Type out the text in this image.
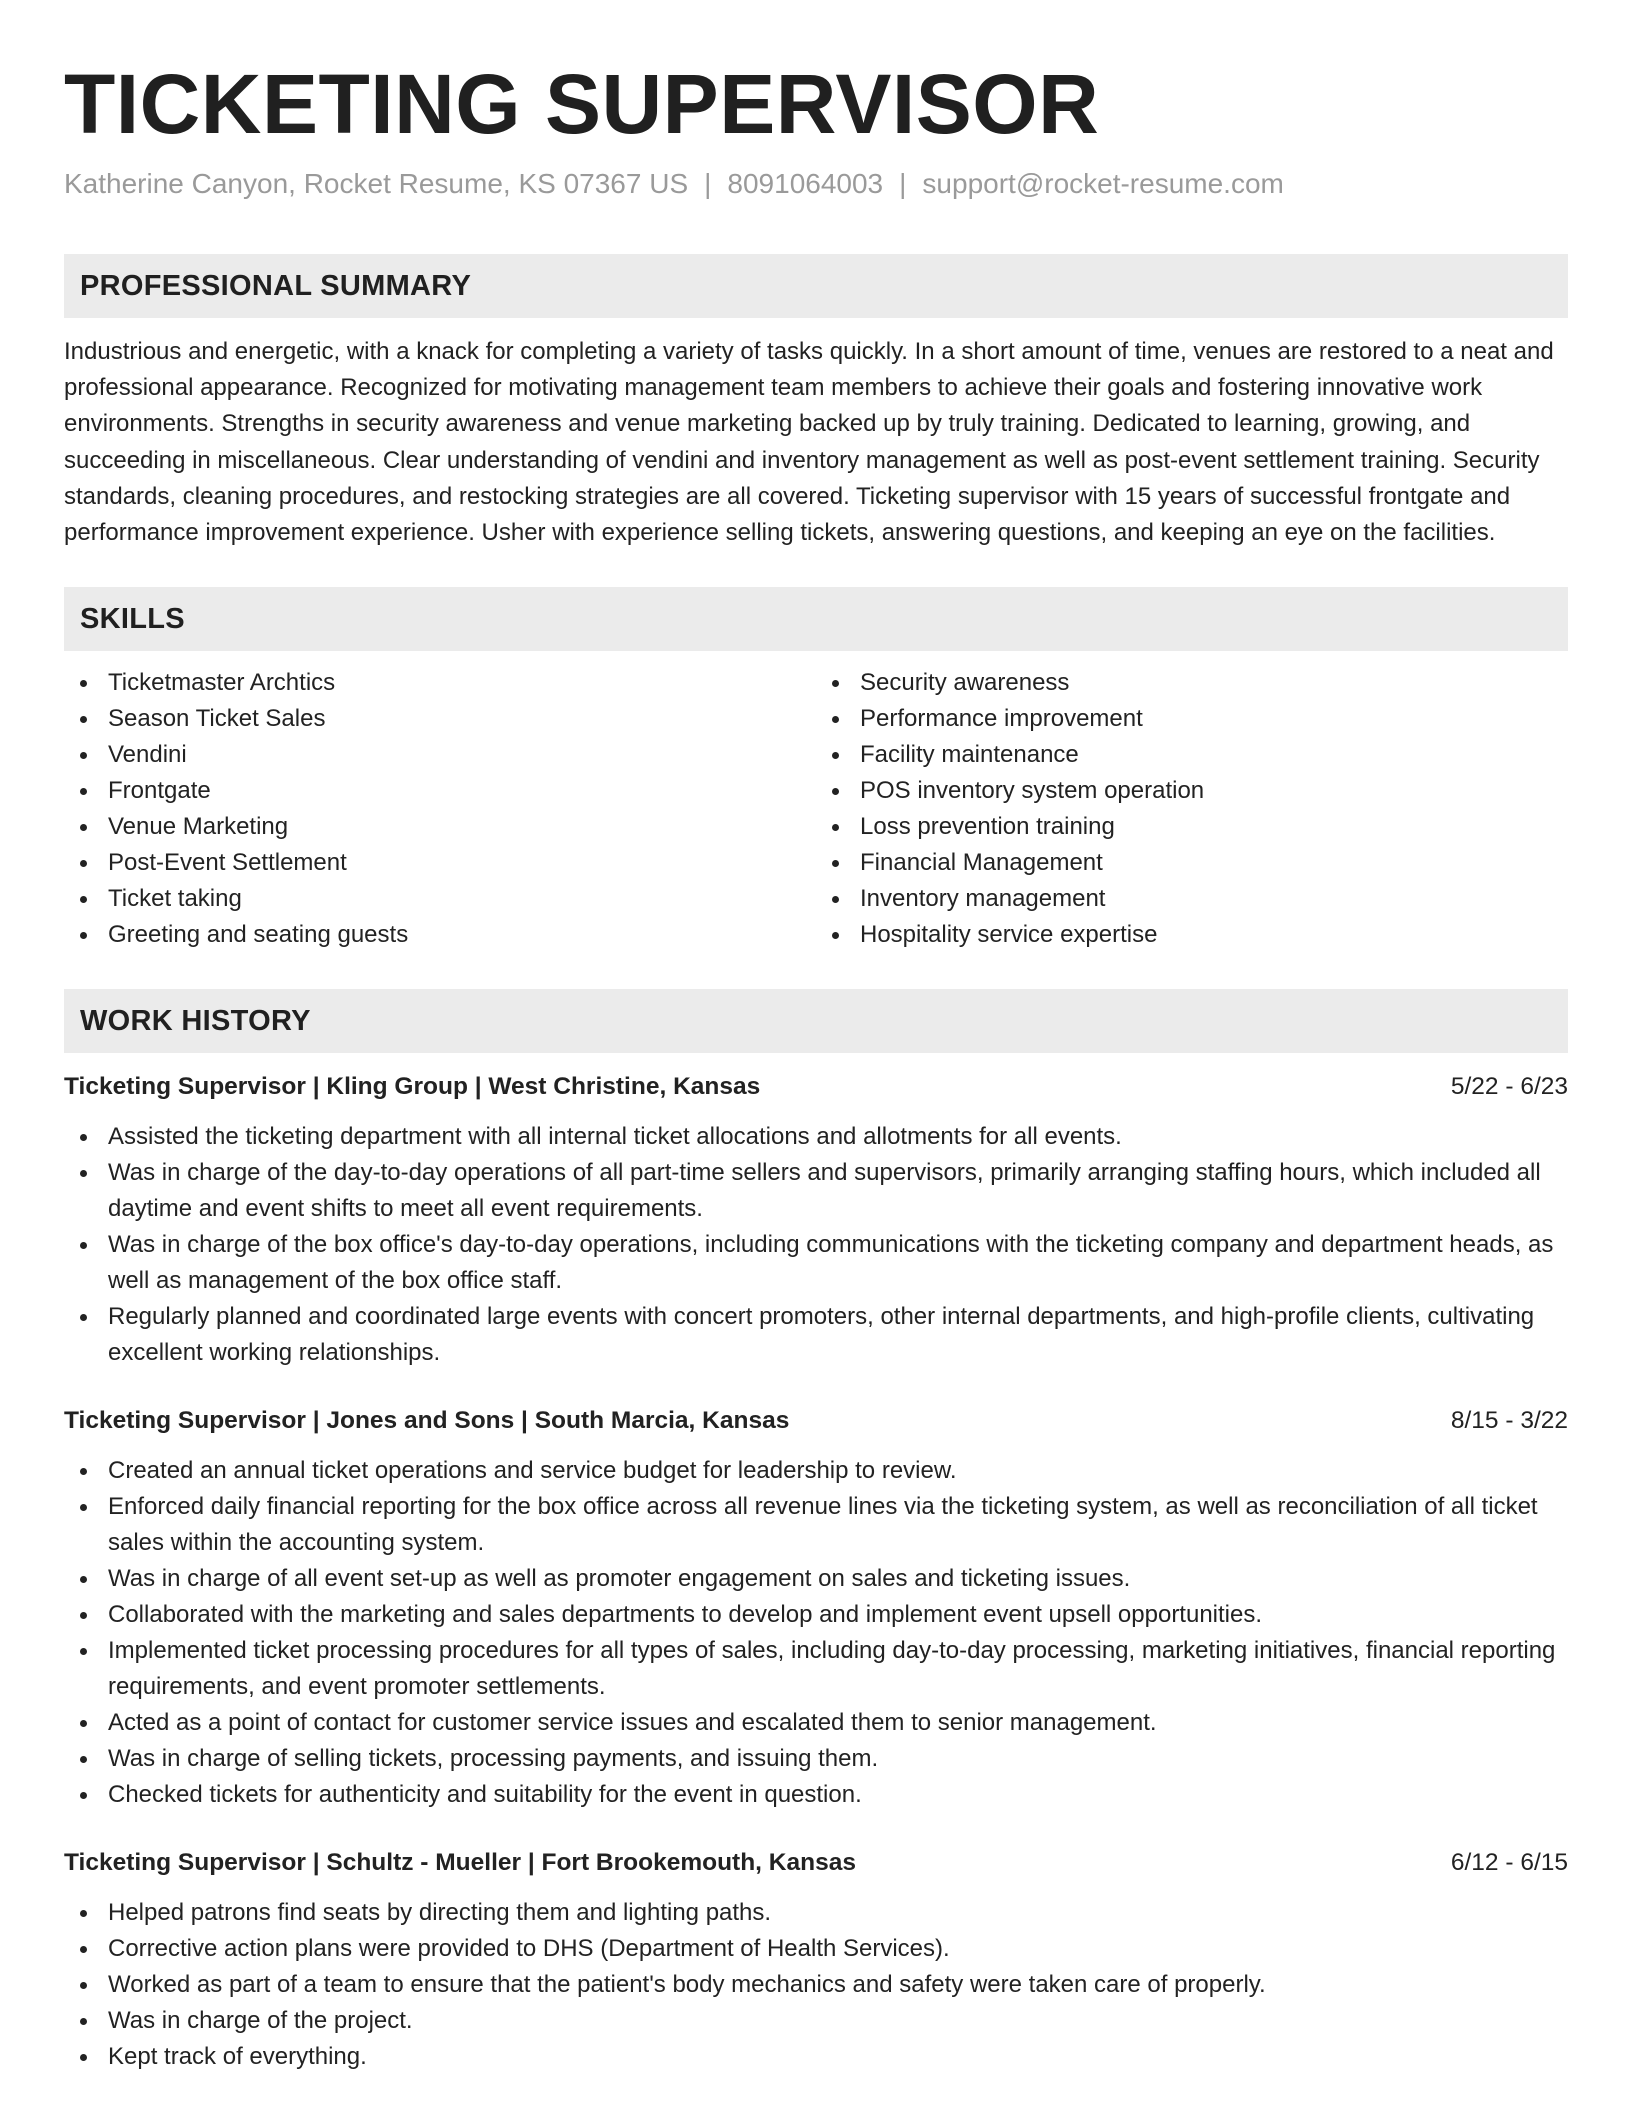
TICKETING SUPERVISOR
Katherine Canyon, Rocket Resume, KS 07367 US | 8091064003 | support@rocket-resume.com
PROFESSIONAL SUMMARY

Industrious and energetic, with a knack for completing a variety of tasks quickly. In a short amount of time, venues are restored to a neat and professional appearance. Recognized for motivating management team members to achieve their goals and fostering innovative work environments. Strengths in security awareness and venue marketing backed up by truly training. Dedicated to learning, growing, and succeeding in miscellaneous. Clear understanding of vendini and inventory management as well as post-event settlement training. Security standards, cleaning procedures, and restocking strategies are all covered. Ticketing supervisor with 15 years of successful frontgate and performance improvement experience. Usher with experience selling tickets, answering questions, and keeping an eye on the facilities.

SKILLS
Ticketmaster Archtics
Season Ticket Sales
Vendini
Frontgate
Venue Marketing
Post-Event Settlement
Ticket taking
Greeting and seating guests
Security awareness
Performance improvement
Facility maintenance
POS inventory system operation
Loss prevention training
Financial Management
Inventory management
Hospitality service expertise
WORK HISTORY
Ticketing Supervisor | Kling Group | West Christine, Kansas	5/22 - 6/23
Assisted the ticketing department with all internal ticket allocations and allotments for all events.
Was in charge of the day-to-day operations of all part-time sellers and supervisors, primarily arranging staffing hours, which included all daytime and event shifts to meet all event requirements.
Was in charge of the box office's day-to-day operations, including communications with the ticketing company and department heads, as well as management of the box office staff.
Regularly planned and coordinated large events with concert promoters, other internal departments, and high-profile clients, cultivating excellent working relationships.
Ticketing Supervisor | Jones and Sons | South Marcia, Kansas	8/15 - 3/22
Created an annual ticket operations and service budget for leadership to review.
Enforced daily financial reporting for the box office across all revenue lines via the ticketing system, as well as reconciliation of all ticket sales within the accounting system.
Was in charge of all event set-up as well as promoter engagement on sales and ticketing issues.
Collaborated with the marketing and sales departments to develop and implement event upsell opportunities.
Implemented ticket processing procedures for all types of sales, including day-to-day processing, marketing initiatives, financial reporting requirements, and event promoter settlements.
Acted as a point of contact for customer service issues and escalated them to senior management.
Was in charge of selling tickets, processing payments, and issuing them.
Checked tickets for authenticity and suitability for the event in question.
Ticketing Supervisor | Schultz - Mueller | Fort Brookemouth, Kansas	6/12 - 6/15
Helped patrons find seats by directing them and lighting paths.
Corrective action plans were provided to DHS (Department of Health Services).
Worked as part of a team to ensure that the patient's body mechanics and safety were taken care of properly.
Was in charge of the project.
Kept track of everything.
